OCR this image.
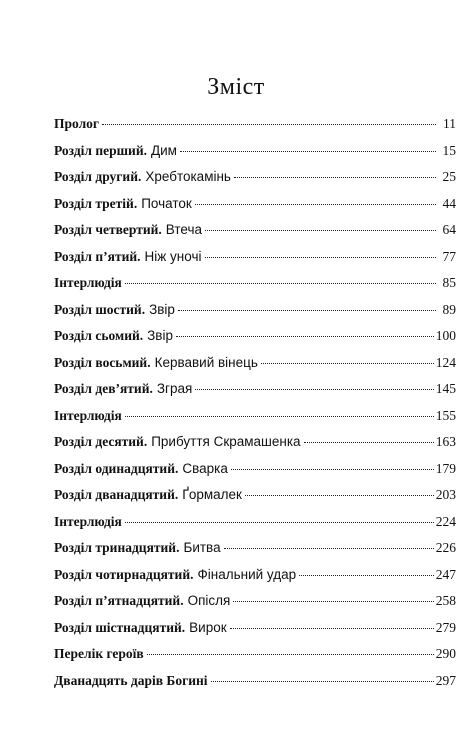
Зміст
Пролог	11
Розділ перший. Дим	15
Розділ другий. Хребтокамінь	25
Розділ третій. Початок	44
Розділ четвертий. Втеча	64
Розділ п’ятий. Ніж уночі	77
Інтерлюдія	85
Розділ шостий. Звір	89
Розділ сьомий. Звір	100
Розділ восьмий. Кервавий вінець	124
Розділ дев’ятий. Зграя	145
Інтерлюдія	155
Розділ десятий. Прибуття Скрамашенка	163
Розділ одинадцятий. Сварка	179
Розділ дванадцятий. Ґормалек	203
Інтерлюдія	224
Розділ тринадцятий. Битва	226
Розділ чотирнадцятий. Фінальний удар	247
Розділ п’ятнадцятий. Опісля	258
Розділ шістнадцятий. Вирок	279
Перелік героїв	290
Дванадцять дарів Богині	297
